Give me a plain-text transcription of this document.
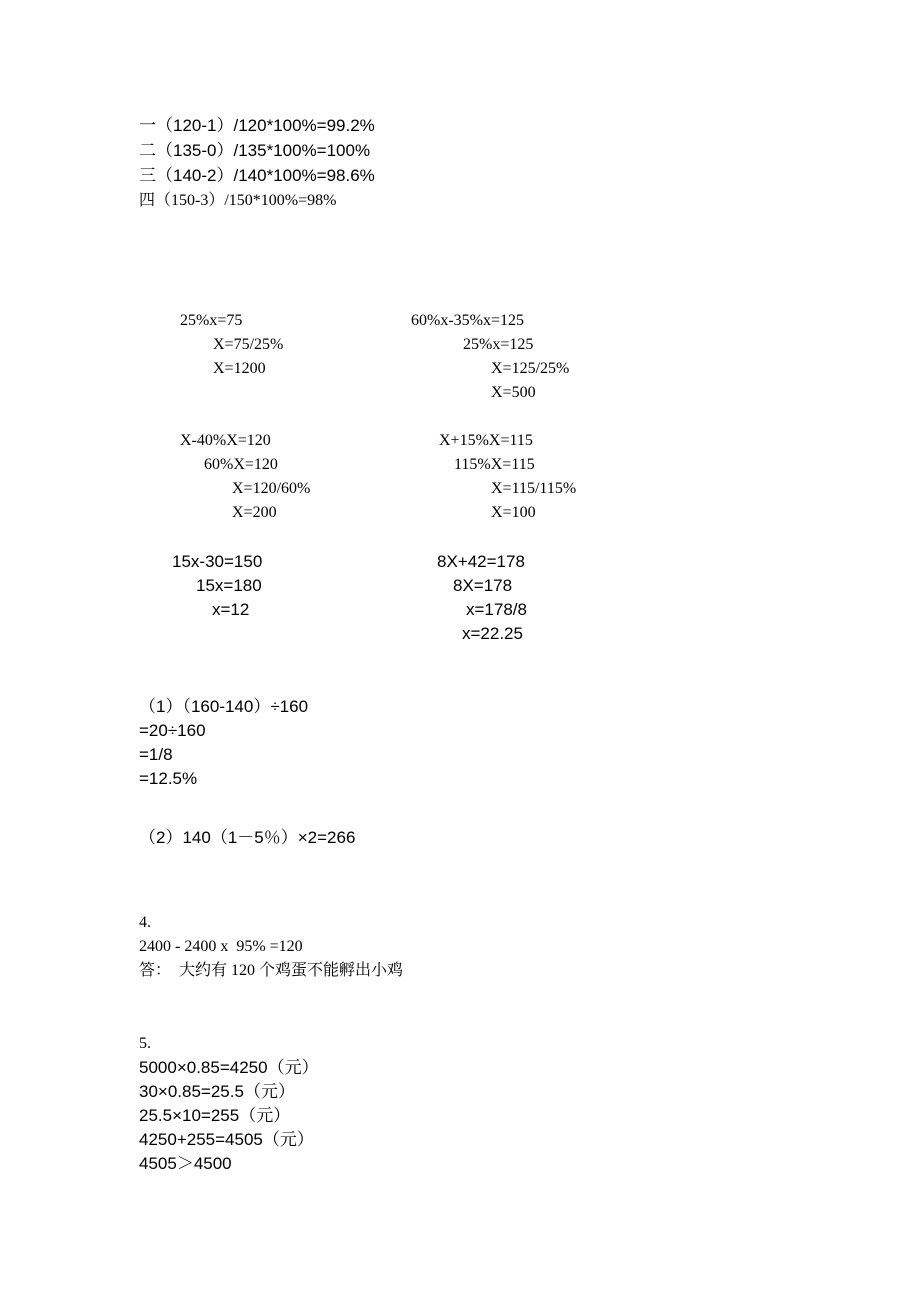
一（120-1）/120*100%=99.2%
二（135-0）/135*100%=100%
三（140-2）/140*100%=98.6%
四（150-3）/150*100%=98%
25%x=75
X=75/25%
X=1200
60%x-35%x=125
25%x=125
X=125/25%
X=500
X-40%X=120
60%X=120
X=120/60%
X=200
X+15%X=115
115%X=115
X=115/115%
X=100
15x-30=150
15x=180
x=12
8X+42=178
8X=178
x=178/8
x=22.25
（1）（160-140）÷160
=20÷160
=1/8
=12.5%
（2）140（1－5％）×2=266
4.
2400 - 2400 x  95% =120
答：  大约有 120 个鸡蛋不能孵出小鸡
5.
5000×0.85=4250（元）
30×0.85=25.5（元）
25.5×10=255（元）
4250+255=4505（元）
4505＞4500
